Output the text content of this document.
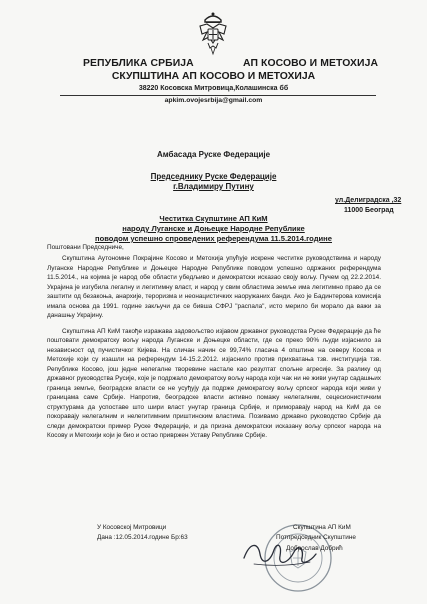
РЕПУБЛИКА СРБИЈА	АП КОСОВО И МЕТОХИЈА
СКУПШТИНА АП КОСОВО И МЕТОХИЈА
38220 Косовска Митровица,Колашинска бб
apkim.ovojesrbija@gmail.com
Амбасада Руске Федерације
Председнику Руске Федерације
г.Владимиру Путину
ул.Делиградска ,32
11000 Београд
Честитка Скупштине АП КиМ
народу Луганске и Доњецке Народне Републике
поводом успешно спроведених референдума 11.5.2014.године
Поштовани Председниче,

Скупштина Аутономне Покрајине Косово и Метохија упућује искрене честитке руководствима и народу Луганске Народне Републике и Доњецке Народне Републике поводом успешно одржаних референдума 11.5.2014., на којима је народ обе области убедљиво и демократски исказао своју вољу. Пучем од 22.2.2014. Украјина је изгубила легалну и легитимну власт, и народ у свим областима земље има легитимно право да се заштити од безакоња, анархије, тероризма и неонацистичких наоружаних банди. Ако је Бадинтерова комисија имала основа да 1991. године закључи да се бивша СФРЈ "распала", исто мерило би морало да важи за данашњу Украјину.

Скупштина АП КиМ такође изражава задовољство изјавом државног руководства Руске Федерације да ће поштовати демократску вољу народа Луганске и Доњецке области, где се преко 90% људи изјаснило за независност од пучистичког Кијева. На сличан начин се 99,74% гласача 4 општине на северу Косова и Метохије који су изашли на референдум 14-15.2.2012. изјаснило против прихватања тзв. институција тзв. Републике Косово, још једне нелегалне творевине настале као резултат спољне агресије. За разлику од државног руководства Русије, које је подржало демократску вољу народа који чак ни не живи унутар садашњих граница земље, београдске власти се не усуђују да подрже демократску вољу српског народа који живи у границама саме Србије. Напротив, београдске власти активно помажу нелегалним, сецесионистичким структурама да успоставе што шири власт унутар граница Србије, и приморавају народ на КиМ да се покоравају нелегалним и нелегитимним приштинским властима. Позивамо државно руководство Србије да следи демократски пример Руске Федерације, и да призна демократски исказану вољу српског народа на Косову и Метохији који је био и остао привржен Уставу Републике Србије.

У Косовској Митровици
Дана :12.05.2014.године Бр:63
Скупштина АП КиМ
Потпредседник Скупштине
Доброслав Добрић
